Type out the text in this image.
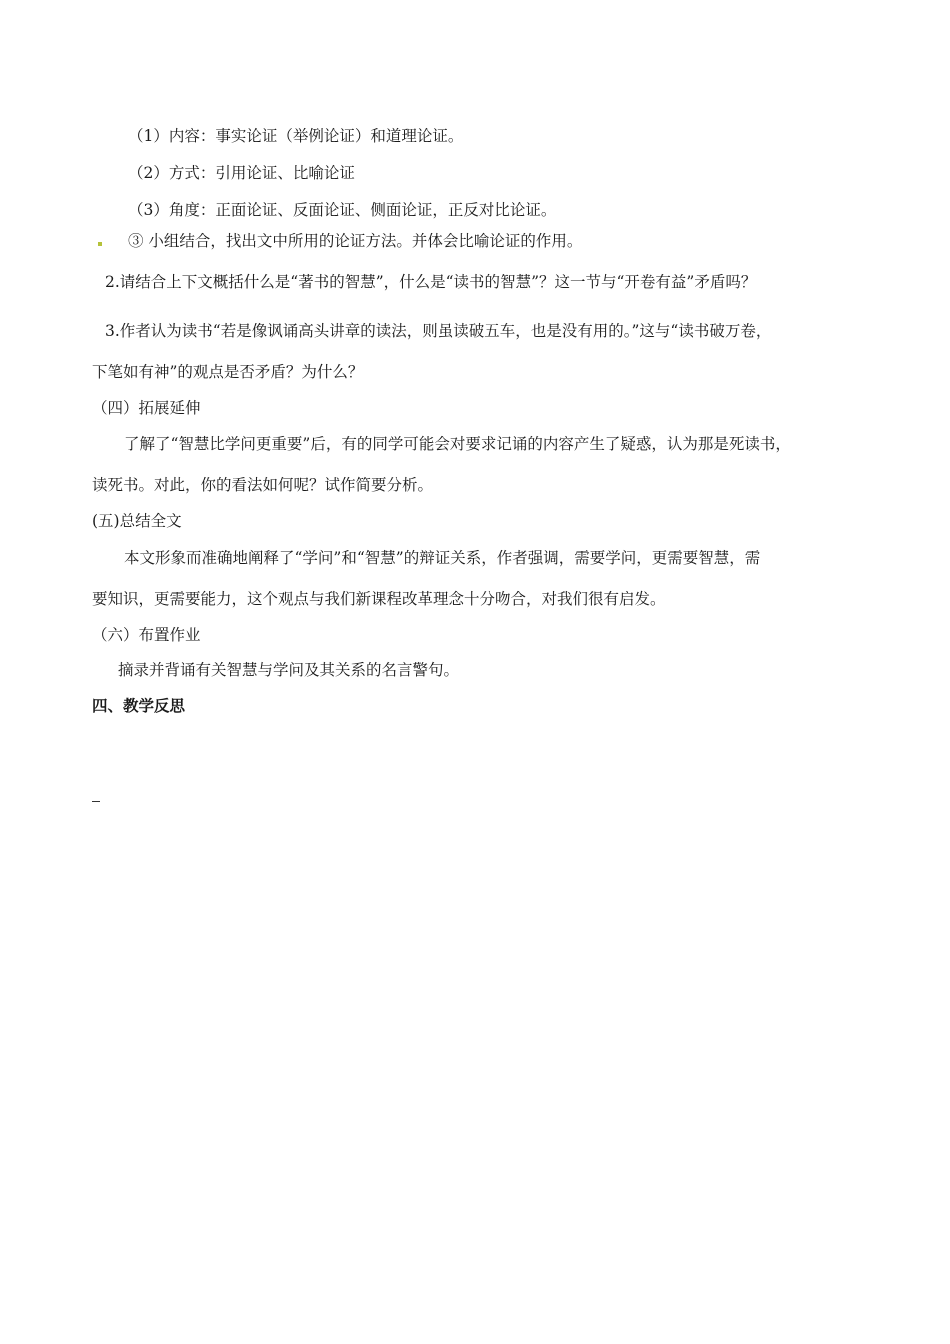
（1）内容：事实论证（举例论证）和道理论证。
（2）方式：引用论证、比喻论证
（3）角度：正面论证、反面论证、侧面论证，正反对比论证。
③ 小组结合，找出文中所用的论证方法。并体会比喻论证的作用。
2.请结合上下文概括什么是“著书的智慧”，什么是“读书的智慧”？这一节与“开卷有益”矛盾吗？
3.作者认为读书“若是像讽诵高头讲章的读法，则虽读破五车，也是没有用的。”这与“读书破万卷，
下笔如有神”的观点是否矛盾？为什么？
（四）拓展延伸
了解了“智慧比学问更重要”后，有的同学可能会对要求记诵的内容产生了疑惑，认为那是死读书，
读死书。对此，你的看法如何呢？试作简要分析。
(五)总结全文
本文形象而准确地阐释了“学问”和“智慧”的辩证关系，作者强调，需要学问，更需要智慧，需
要知识，更需要能力，这个观点与我们新课程改革理念十分吻合，对我们很有启发。
（六）布置作业
摘录并背诵有关智慧与学问及其关系的名言警句。
四、教学反思
